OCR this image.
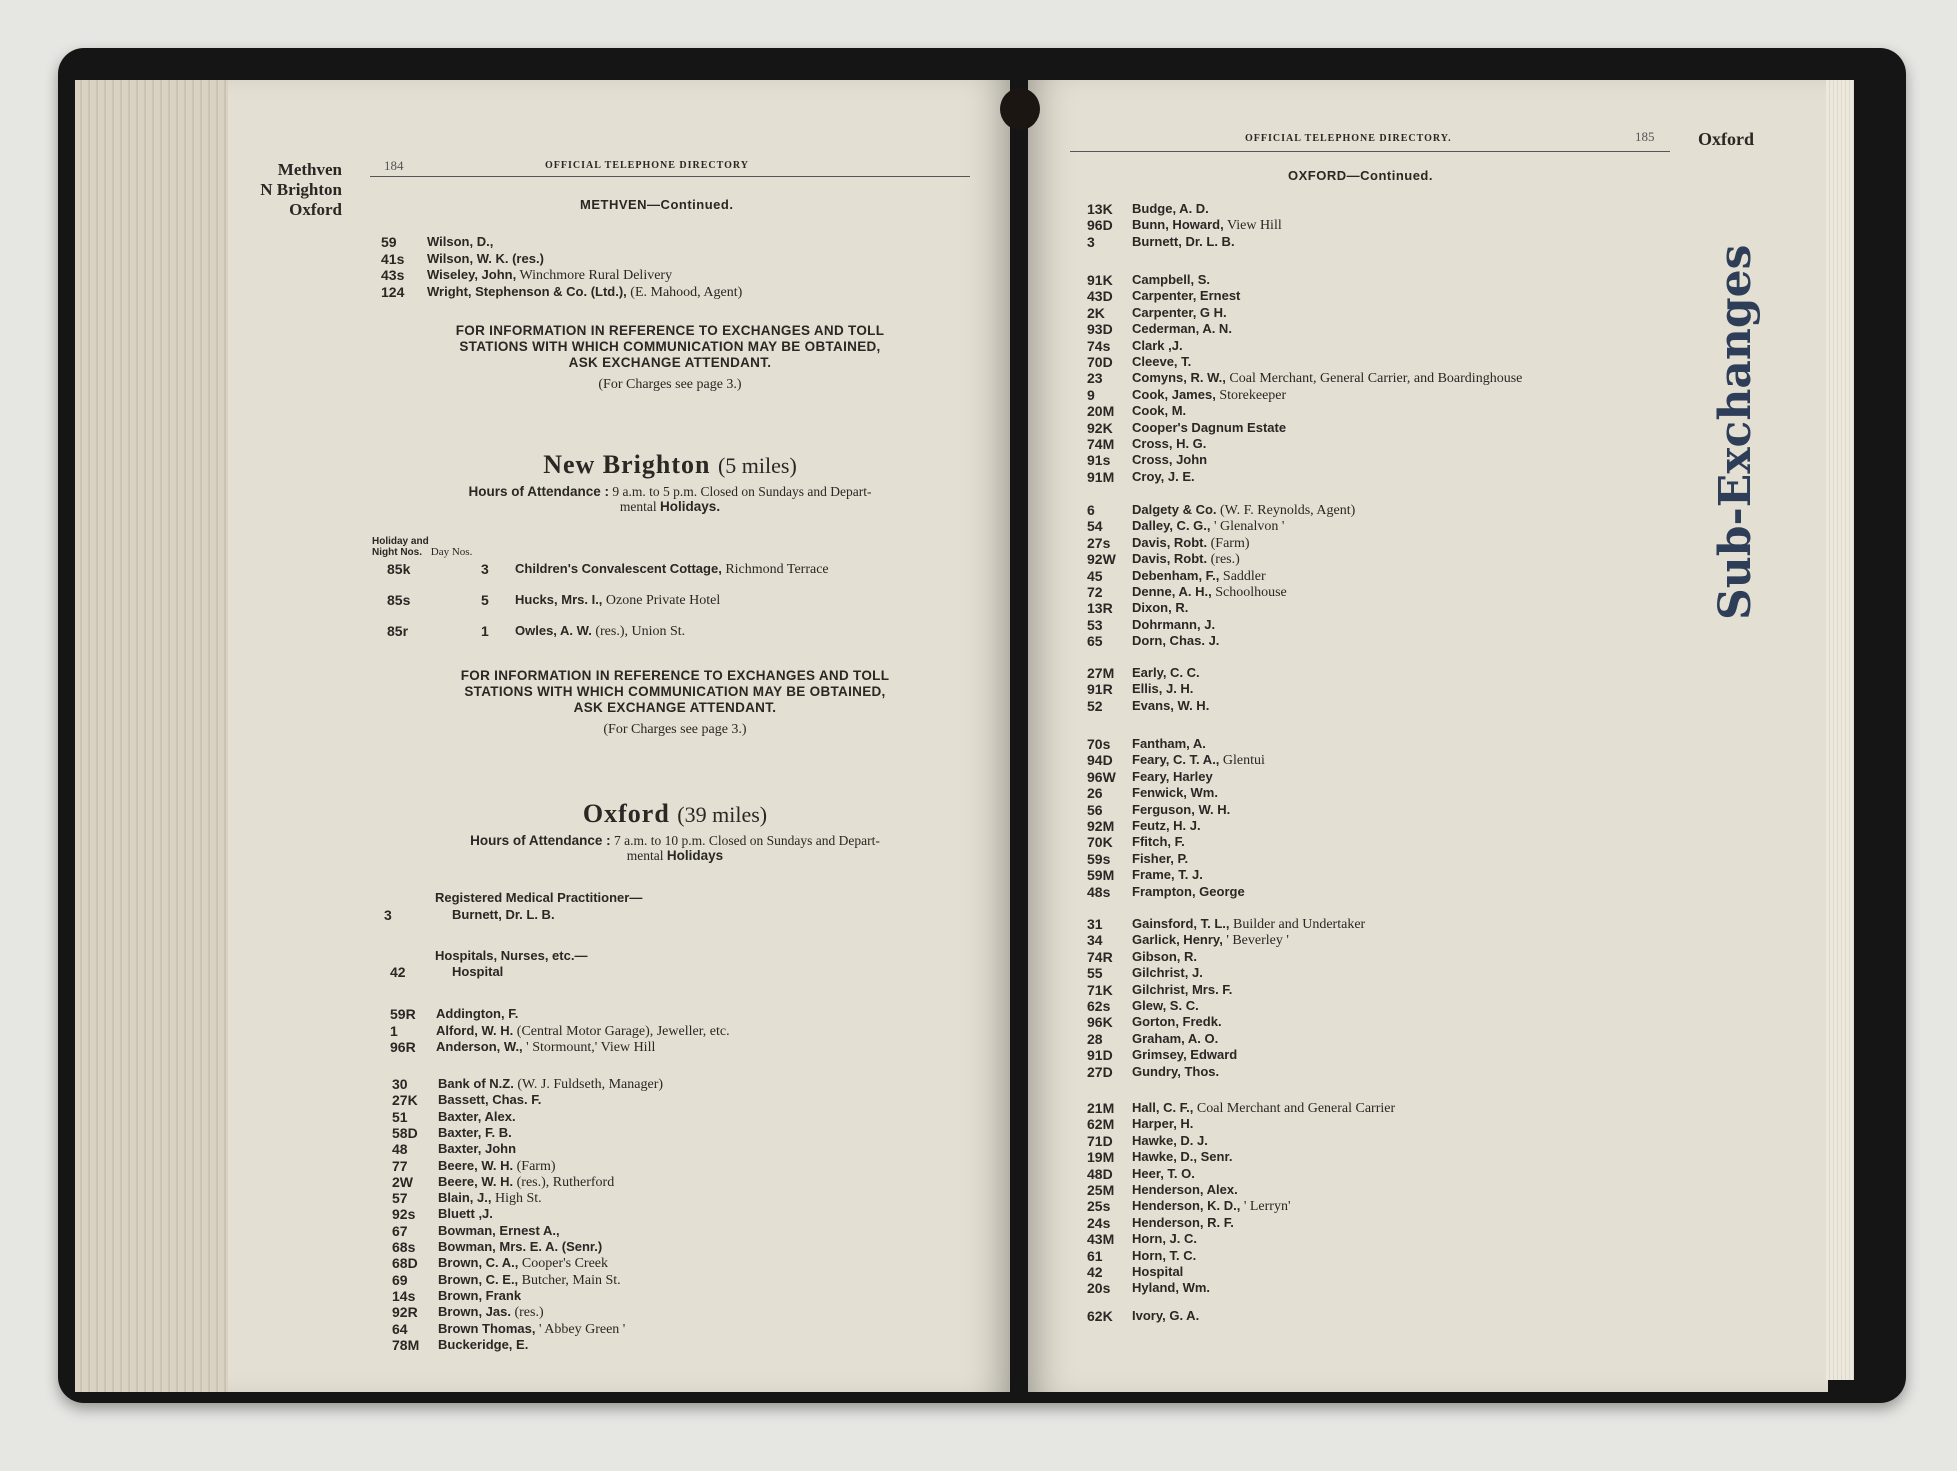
Methven
N Brighton
Oxford
184	OFFICIAL TELEPHONE DIRECTORY
METHVEN—Continued.
59	Wilson, D.,
41s	Wilson, W. K. (res.)
43s	Wiseley, John, Winchmore Rural Delivery
124	Wright, Stephenson & Co. (Ltd.), (E. Mahood, Agent)
FOR INFORMATION IN REFERENCE TO EXCHANGES AND TOLL
STATIONS WITH WHICH COMMUNICATION MAY BE OBTAINED,
ASK EXCHANGE ATTENDANT.
(For Charges see page 3.)
New Brighton (5 miles)
Hours of Attendance : 9 a.m. to 5 p.m. Closed on Sundays and Depart-
mental Holidays.
Holiday and
Night Nos. Day Nos.
85k	3	Children's Convalescent Cottage, Richmond Terrace
85s	5	Hucks, Mrs. I., Ozone Private Hotel
85r	1	Owles, A. W. (res.), Union St.
FOR INFORMATION IN REFERENCE TO EXCHANGES AND TOLL
STATIONS WITH WHICH COMMUNICATION MAY BE OBTAINED,
ASK EXCHANGE ATTENDANT.
(For Charges see page 3.)
Oxford (39 miles)
Hours of Attendance : 7 a.m. to 10 p.m. Closed on Sundays and Depart-
mental Holidays
Registered Medical Practitioner—
3	Burnett, Dr. L. B.
Hospitals, Nurses, etc.—
42	Hospital
59R	Addington, F.
1	Alford, W. H. (Central Motor Garage), Jeweller, etc.
96R	Anderson, W., ' Stormount,' View Hill
30	Bank of N.Z. (W. J. Fuldseth, Manager)
27K	Bassett, Chas. F.
51	Baxter, Alex.
58D	Baxter, F. B.
48	Baxter, John
77	Beere, W. H. (Farm)
2W	Beere, W. H. (res.), Rutherford
57	Blain, J., High St.
92s	Bluett ,J.
67	Bowman, Ernest A.,
68s	Bowman, Mrs. E. A. (Senr.)
68D	Brown, C. A., Cooper's Creek
69	Brown, C. E., Butcher, Main St.
14s	Brown, Frank
92R	Brown, Jas. (res.)
64	Brown Thomas, ' Abbey Green '
78M	Buckeridge, E.
OFFICIAL TELEPHONE DIRECTORY.	185 Oxford
OXFORD—Continued.
Sub-Exchanges
13K	Budge, A. D.
96D	Bunn, Howard, View Hill
3	Burnett, Dr. L. B.
91K	Campbell, S.
43D	Carpenter, Ernest
2K	Carpenter, G H.
93D	Cederman, A. N.
74s	Clark ,J.
70D	Cleeve, T.
23	Comyns, R. W., Coal Merchant, General Carrier, and Boardinghouse
9	Cook, James, Storekeeper
20M	Cook, M.
92K	Cooper's Dagnum Estate
74M	Cross, H. G.
91s	Cross, John
91M	Croy, J. E.
6	Dalgety & Co. (W. F. Reynolds, Agent)
54	Dalley, C. G., ' Glenalvon '
27s	Davis, Robt. (Farm)
92W	Davis, Robt. (res.)
45	Debenham, F., Saddler
72	Denne, A. H., Schoolhouse
13R	Dixon, R.
53	Dohrmann, J.
65	Dorn, Chas. J.
27M	Early, C. C.
91R	Ellis, J. H.
52	Evans, W. H.
70s	Fantham, A.
94D	Feary, C. T. A., Glentui
96W	Feary, Harley
26	Fenwick, Wm.
56	Ferguson, W. H.
92M	Feutz, H. J.
70K	Ffitch, F.
59s	Fisher, P.
59M	Frame, T. J.
48s	Frampton, George
31	Gainsford, T. L., Builder and Undertaker
34	Garlick, Henry, ' Beverley '
74R	Gibson, R.
55	Gilchrist, J.
71K	Gilchrist, Mrs. F.
62s	Glew, S. C.
96K	Gorton, Fredk.
28	Graham, A. O.
91D	Grimsey, Edward
27D	Gundry, Thos.
21M	Hall, C. F., Coal Merchant and General Carrier
62M	Harper, H.
71D	Hawke, D. J.
19M	Hawke, D., Senr.
48D	Heer, T. O.
25M	Henderson, Alex.
25s	Henderson, K. D., ' Lerryn'
24s	Henderson, R. F.
43M	Horn, J. C.
61	Horn, T. C.
42	Hospital
20s	Hyland, Wm.
62K	Ivory, G. A.
